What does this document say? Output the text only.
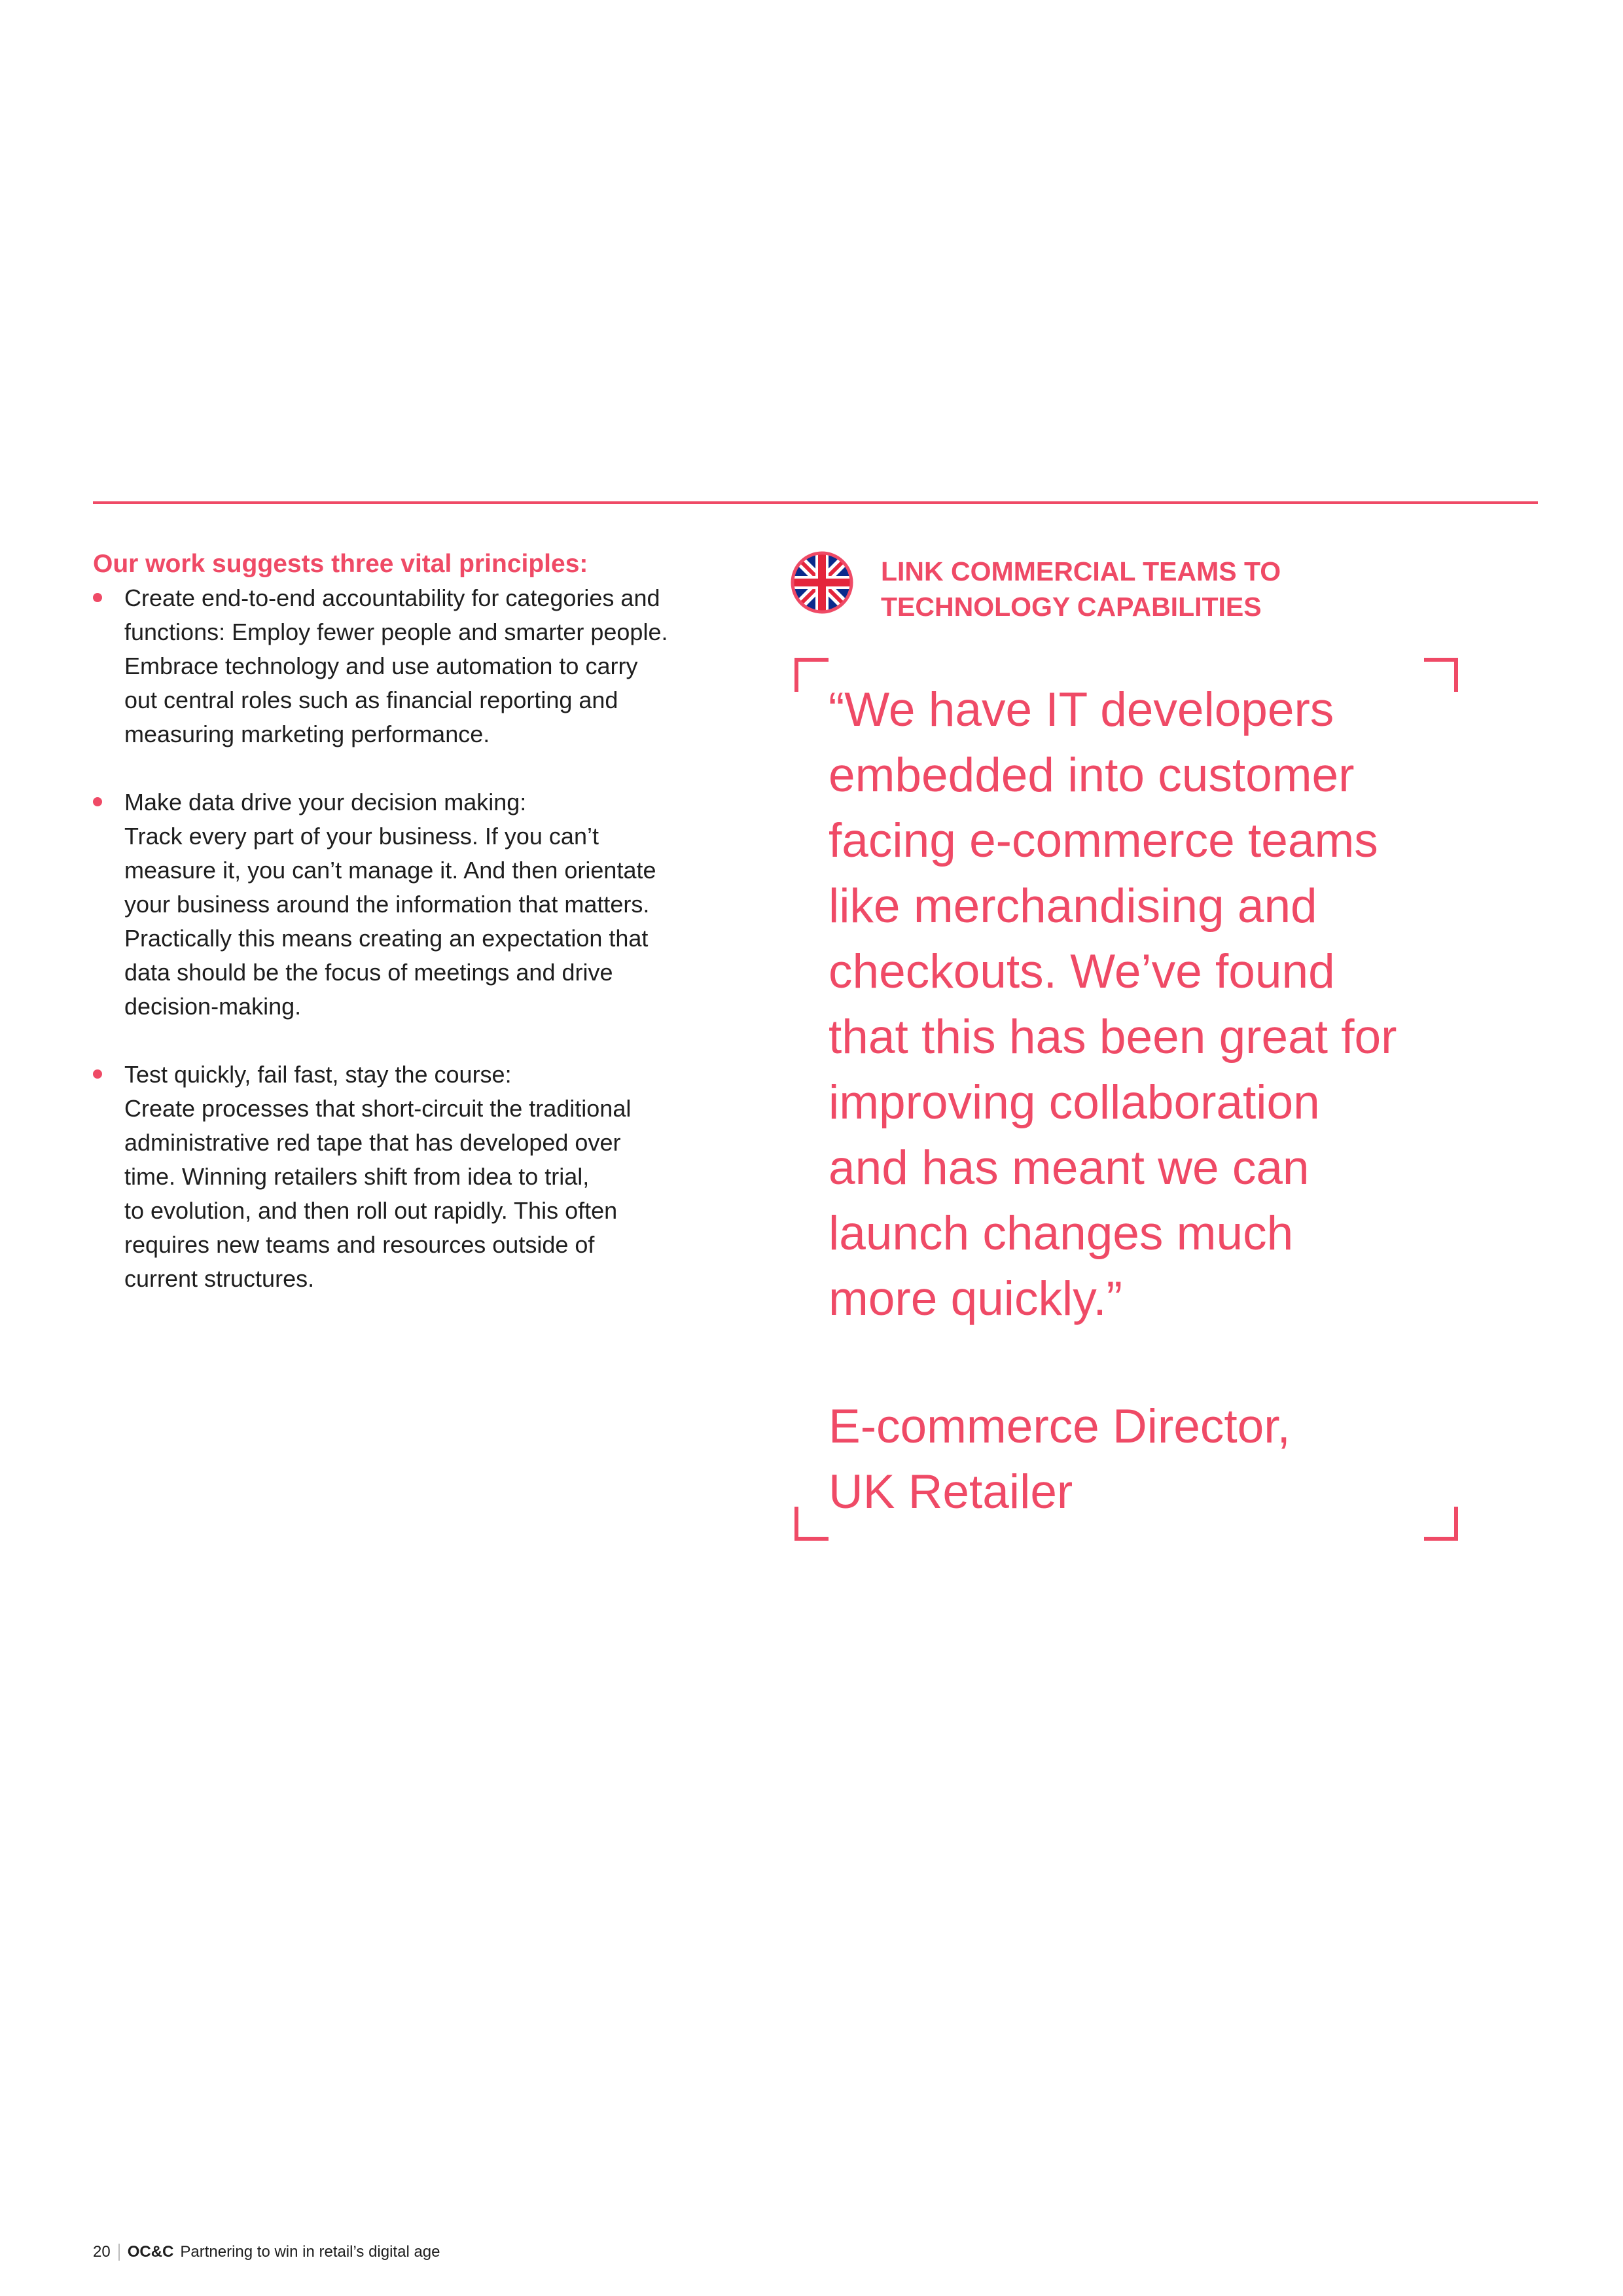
Our work suggests three vital principles:
Create end-to-end accountability for categories and
functions: Employ fewer people and smarter people.
Embrace technology and use automation to carry
out central roles such as financial reporting and
measuring marketing performance.
Make data drive your decision making:
Track every part of your business. If you can’t
measure it, you can’t manage it. And then orientate
your business around the information that matters.
Practically this means creating an expectation that
data should be the focus of meetings and drive
decision-making.
Test quickly, fail fast, stay the course:
Create processes that short-circuit the traditional
administrative red tape that has developed over
time. Winning retailers shift from idea to trial,
to evolution, and then roll out rapidly. This often
requires new teams and resources outside of
current structures.
LINK COMMERCIAL TEAMS TO
TECHNOLOGY CAPABILITIES
“We have IT developers
embedded into customer
facing e-commerce teams
like merchandising and
checkouts. We’ve found
that this has been great for
improving collaboration
and has meant we can
launch changes much
more quickly.”

E-commerce Director,
UK Retailer

20 OC&C Partnering to win in retail’s digital age
